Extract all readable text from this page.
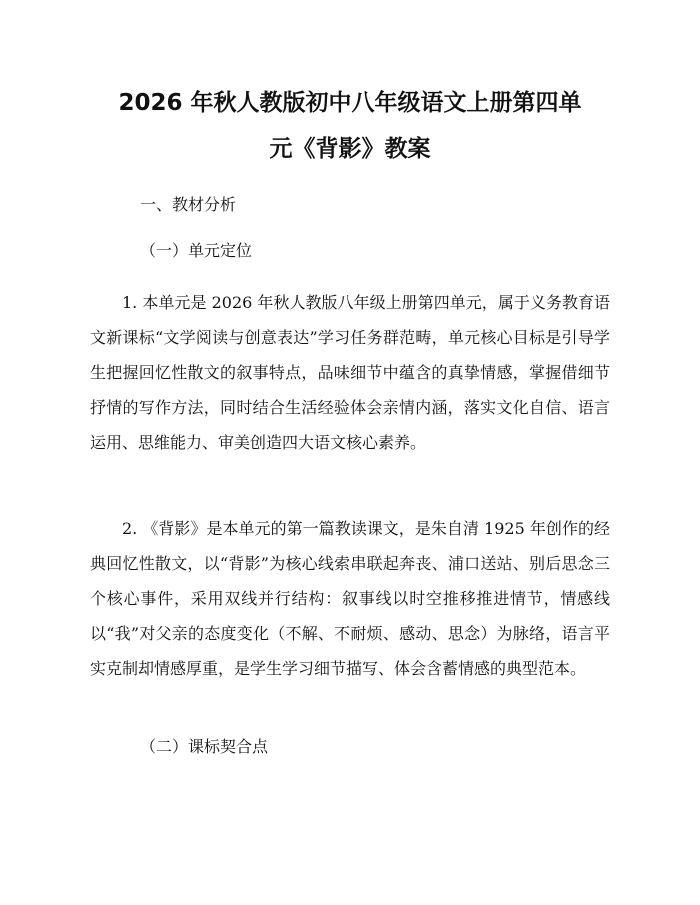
2026 年秋人教版初中八年级语文上册第四单
元《背影》教案
一、教材分析
（一）单元定位

1. 本单元是 2026 年秋人教版八年级上册第四单元，属于义务教育语文新课标“文学阅读与创意表达”学习任务群范畴，单元核心目标是引导学生把握回忆性散文的叙事特点，品味细节中蕴含的真挚情感，掌握借细节抒情的写作方法，同时结合生活经验体会亲情内涵，落实文化自信、语言运用、思维能力、审美创造四大语文核心素养。

2. 《背影》是本单元的第一篇教读课文，是朱自清 1925 年创作的经典回忆性散文，以“背影”为核心线索串联起奔丧、浦口送站、别后思念三个核心事件，采用双线并行结构：叙事线以时空推移推进情节，情感线以“我”对父亲的态度变化（不解、不耐烦、感动、思念）为脉络，语言平实克制却情感厚重，是学生学习细节描写、体会含蓄情感的典型范本。

（二）课标契合点
